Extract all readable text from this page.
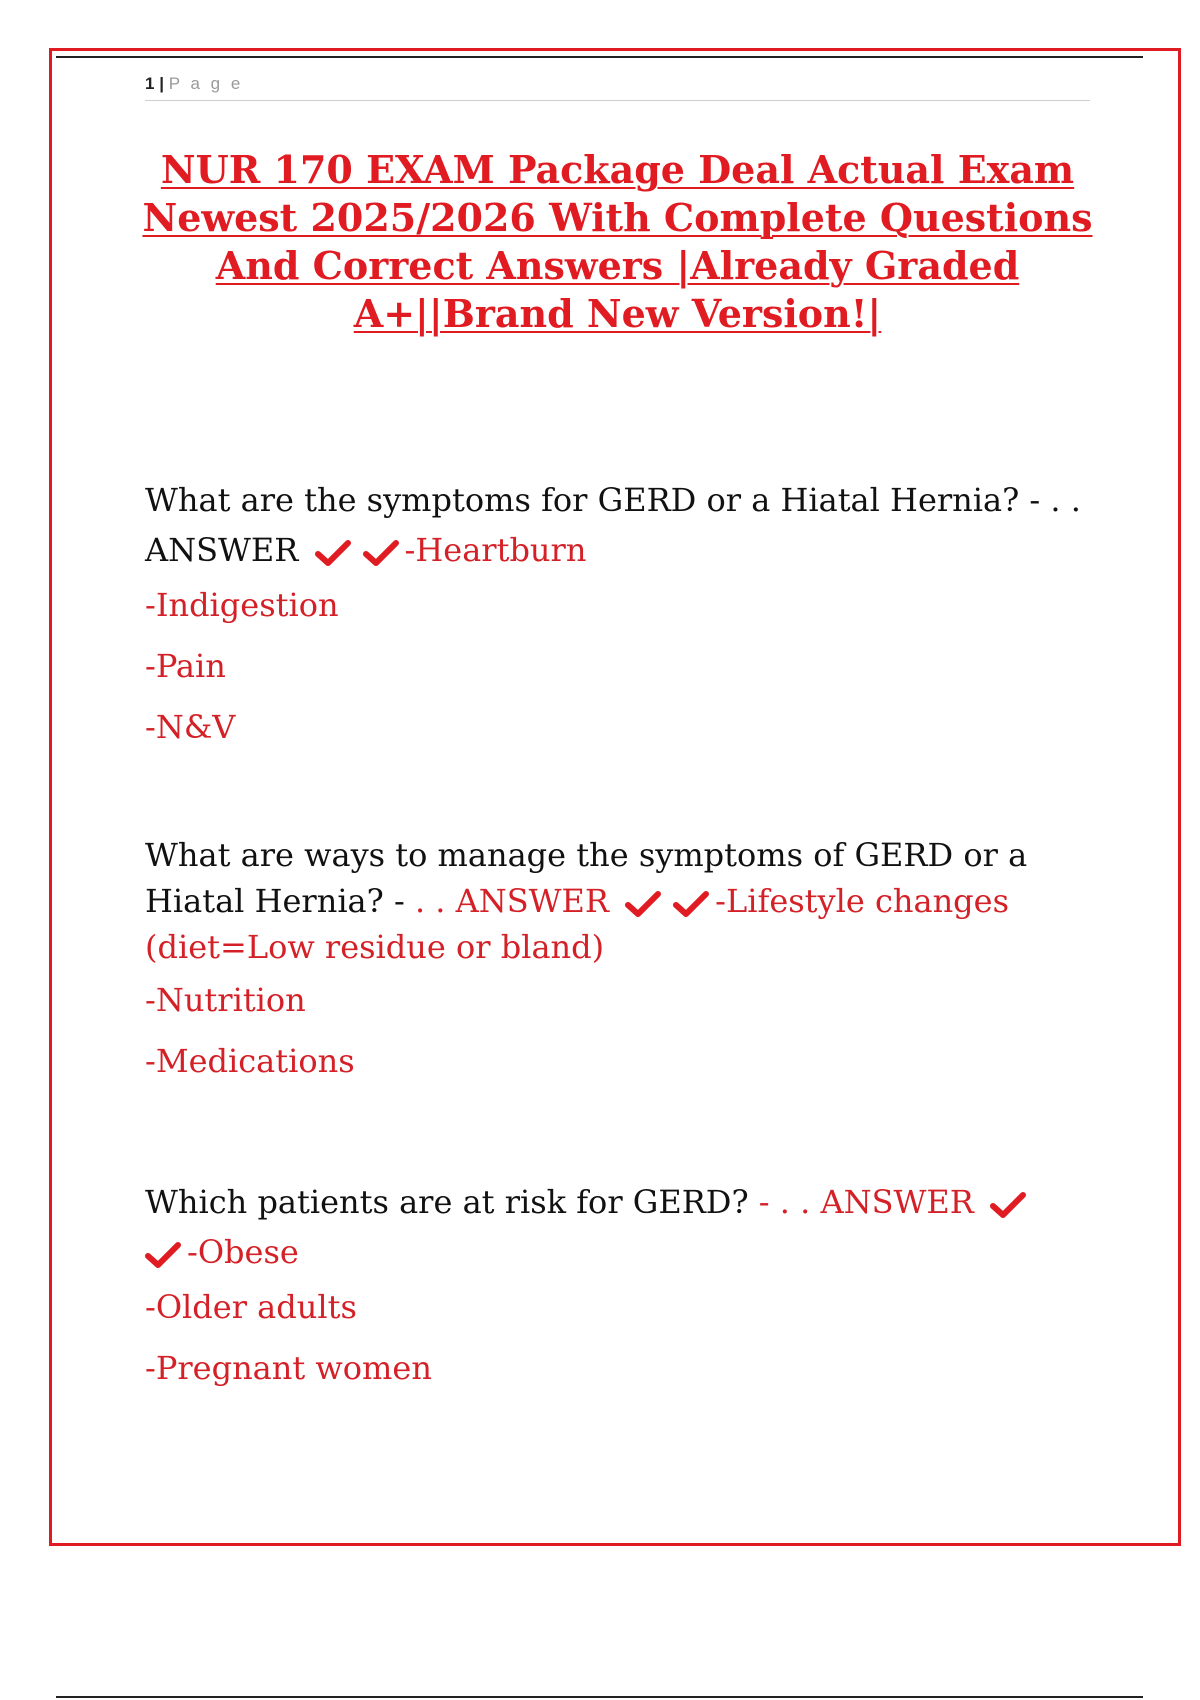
1 | P a g e
NUR 170 EXAM Package Deal Actual Exam Newest 2025/2026 With Complete Questions And Correct Answers |Already Graded A+||Brand New Version!|

What are the symptoms for GERD or a Hiatal Hernia? - . .
ANSWER	-Heartburn

-Indigestion

-Pain

-N&V

What are ways to manage the symptoms of GERD or a Hiatal Hernia? - . . ANSWER	-Lifestyle changes (diet=Low residue or bland)

-Nutrition

-Medications

Which patients are at risk for GERD? - . . ANSWER

-Obese

-Older adults

-Pregnant women
